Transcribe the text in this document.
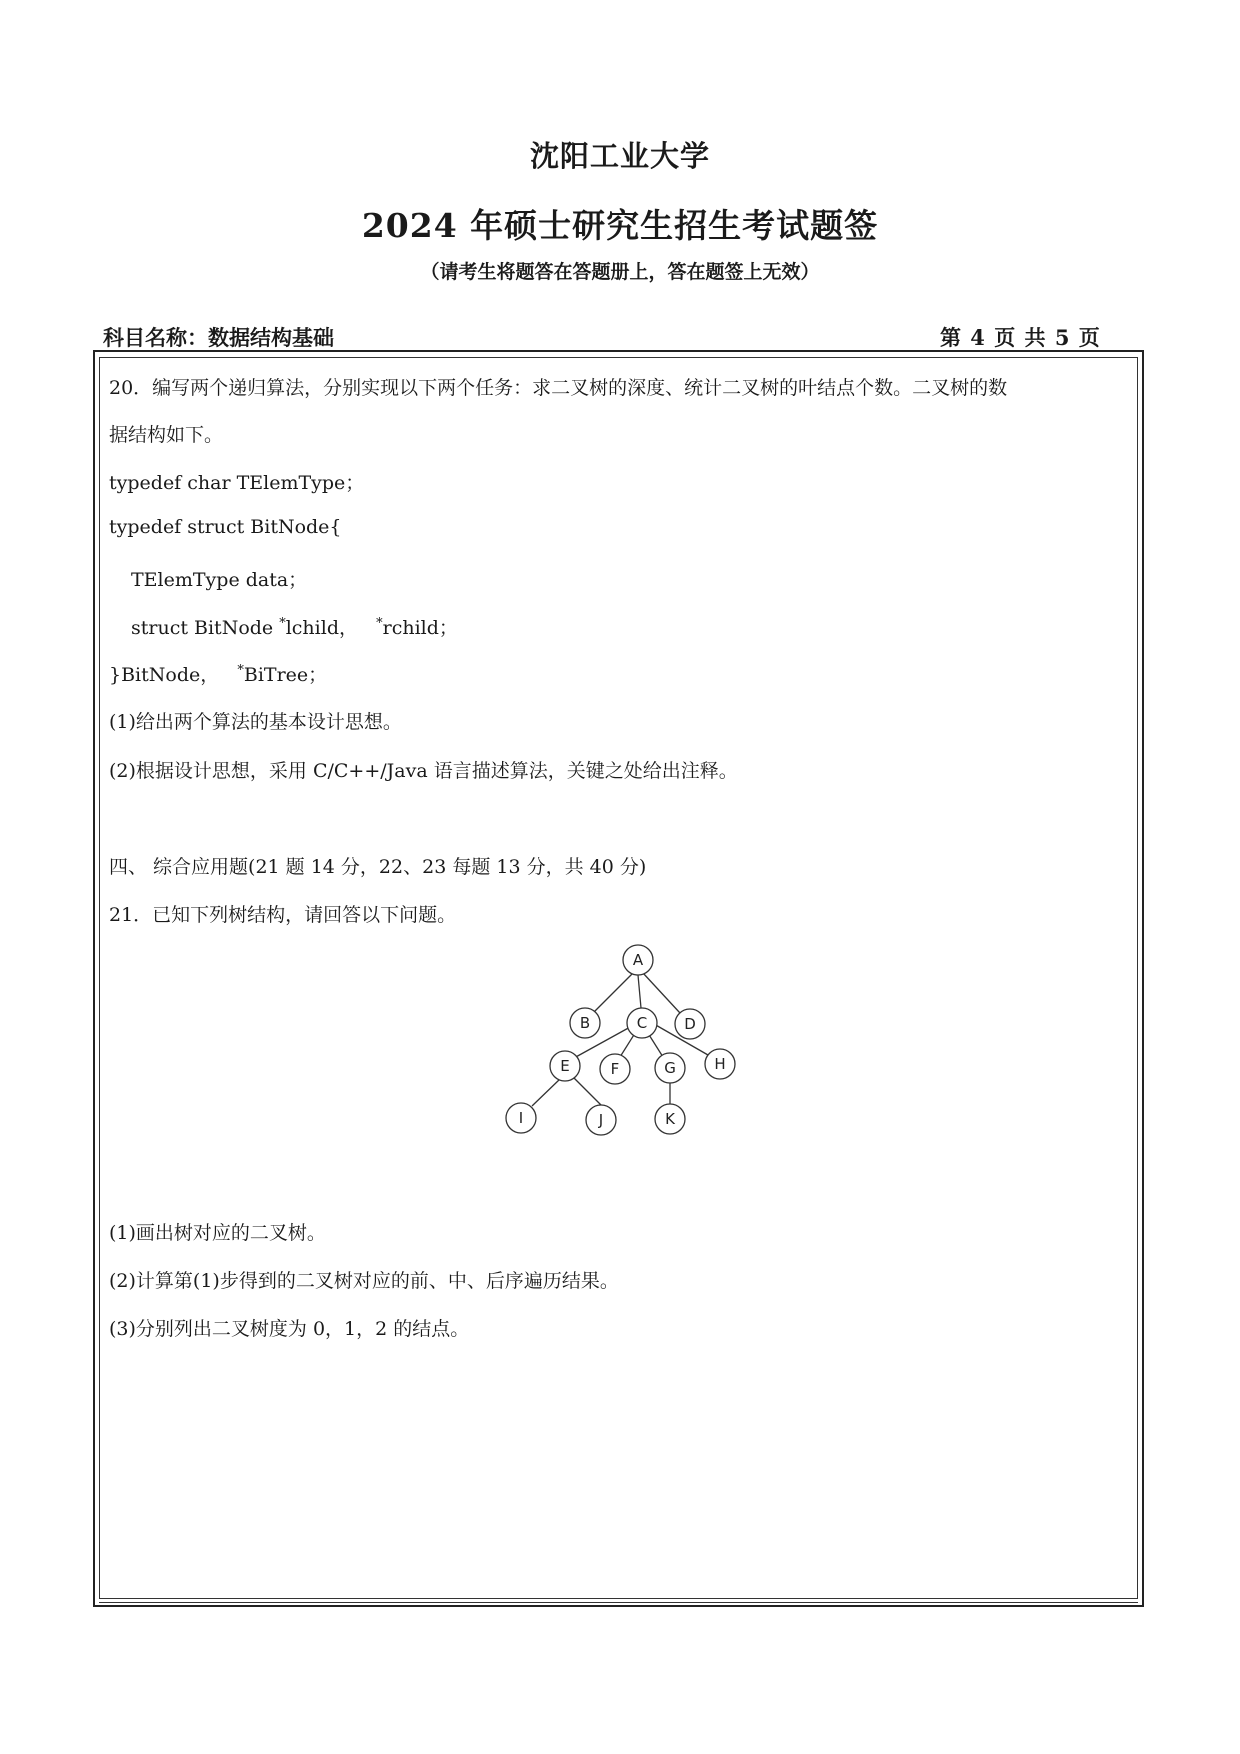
沈阳工业大学
2024 年硕士研究生招生考试题签
（请考生将题答在答题册上，答在题签上无效）
科目名称：数据结构基础	第 4 页 共 5 页
20．编写两个递归算法，分别实现以下两个任务：求二叉树的深度、统计二叉树的叶结点个数。二叉树的数
据结构如下。
typedef char TElemType；
typedef struct BitNode{
TElemType data；
struct BitNode *lchild， *rchild；
}BitNode， *BiTree；
(1)给出两个算法的基本设计思想。
(2)根据设计思想，采用 C/C++/Java 语言描述算法，关键之处给出注释。
四、 综合应用题(21 题 14 分，22、23 每题 13 分，共 40 分)
21．已知下列树结构，请回答以下问题。
A
B	C D
E	F	G	H
I	J	K
(1)画出树对应的二叉树。
(2)计算第(1)步得到的二叉树对应的前、中、后序遍历结果。
(3)分别列出二叉树度为 0，1，2 的结点。
